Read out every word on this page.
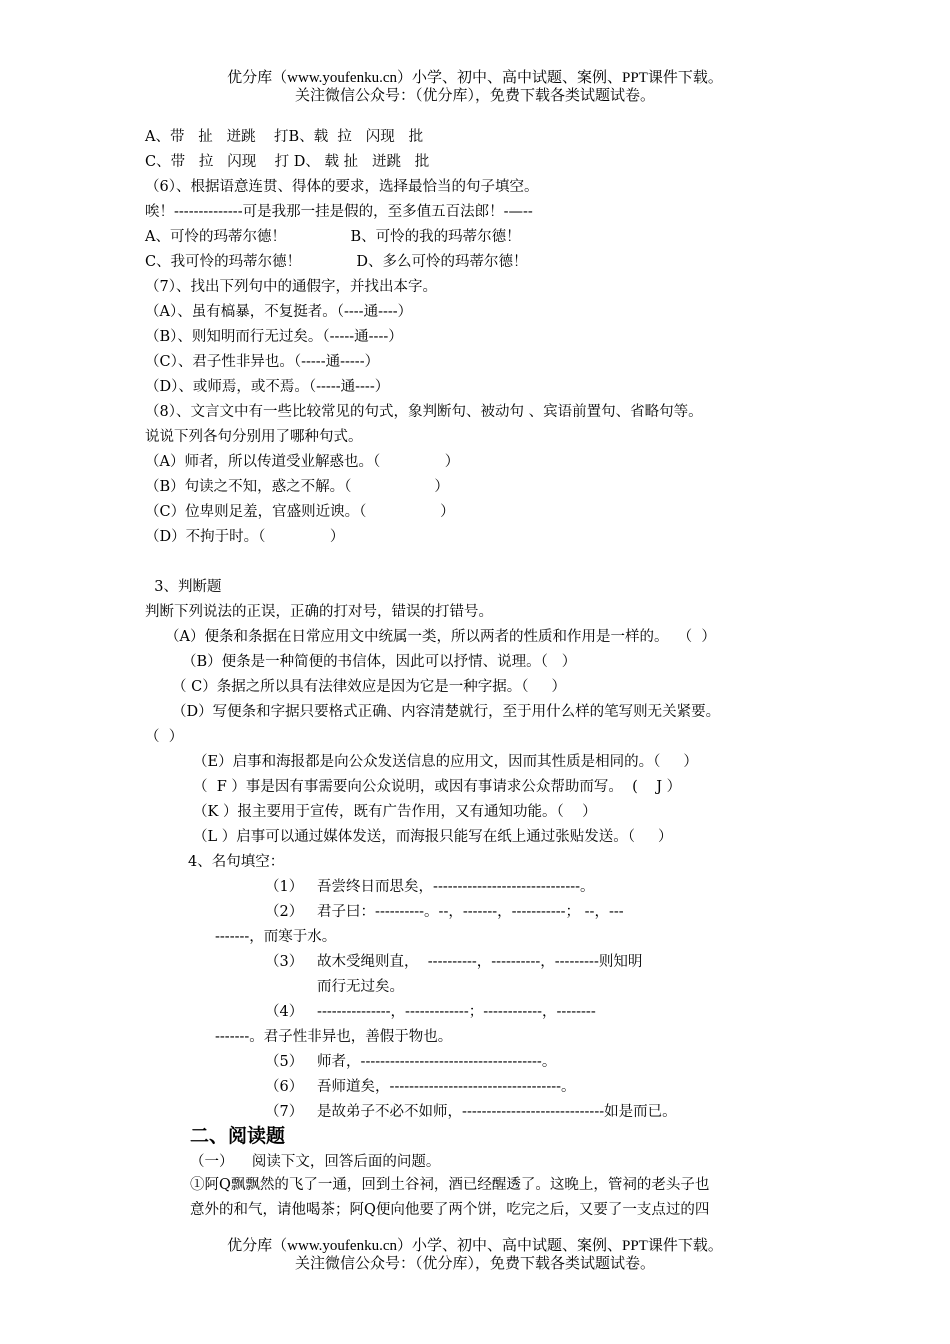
优分库（www.youfenku.cn）小学、初中、高中试题、案例、PPT课件下载。
关注微信公众号：（优分库），免费下载各类试题试卷。
A、带   扯   迸跳    打B、载  拉   闪现   批
C、带   拉   闪现    打 D、 载 扯   迸跳   批
（6）、根据语意连贯、得体的要求，选择最恰当的句子填空。
唉！--------------可是我那一挂是假的，至多值五百法郎！-—--
A、可怜的玛蒂尔德！              B、可怜的我的玛蒂尔德！
C、我可怜的玛蒂尔德！            D、多么可怜的玛蒂尔德！
（7）、找出下列句中的通假字，并找出本字。
（A）、虽有槁暴，不复挺者。（----通----）
（B）、则知明而行无过矣。（-----通----）
（C）、君子性非异也。（-----通-----）
（D）、或师焉，或不焉。（-----通----）
（8）、文言文中有一些比较常见的句式，象判断句、被动句 、宾语前置句、省略句等。
说说下列各句分别用了哪种句式。
（A）师者，所以传道受业解惑也。（              ）
（B）句读之不知，惑之不解。（                  ）
（C）位卑则足羞，官盛则近谀。（                ）
（D）不拘于时。（              ）
3、判断题
判断下列说法的正误，正确的打对号，错误的打错号。
（A）便条和条据在日常应用文中统属一类，所以两者的性质和作用是一样的。  （  ）
（B）便条是一种简便的书信体，因此可以抒情、说理。（   ）
（ C）条据之所以具有法律效应是因为它是一种字据。（     ）
（D）写便条和字据只要格式正确、内容清楚就行，至于用什么样的笔写则无关紧要。
（  ）
（E）启事和海报都是向公众发送信息的应用文，因而其性质是相同的。（     ）
（  F ）事是因有事需要向公众说明，或因有事请求公众帮助而写。  (    J ）
（K ）报主要用于宣传，既有广告作用，又有通知功能。（    ）
（L ）启事可以通过媒体发送，而海报只能写在纸上通过张贴发送。（     ）
4、名句填空：
（1）   吾尝终日而思矣，------------------------------。
（2）   君子曰：----------。--，-------，-----------； --，---
-------，而寒于水。
（3）   故木受绳则直，  ----------，----------，---------则知明
而行无过矣。
（4）   ---------------，-------------；------------，--------
-------。君子性非异也，善假于物也。
（5）   师者，-------------------------------------。
（6）   吾师道矣，-----------------------------------。
（7）   是故弟子不必不如师，-----------------------------如是而已。
二、阅读题
（一）    阅读下文，回答后面的问题。
①阿Q飘飘然的飞了一通，回到土谷祠，酒已经醒透了。这晚上，管祠的老头子也
意外的和气，请他喝茶；阿Q便向他要了两个饼，吃完之后，又要了一支点过的四
优分库（www.youfenku.cn）小学、初中、高中试题、案例、PPT课件下载。
关注微信公众号：（优分库），免费下载各类试题试卷。
